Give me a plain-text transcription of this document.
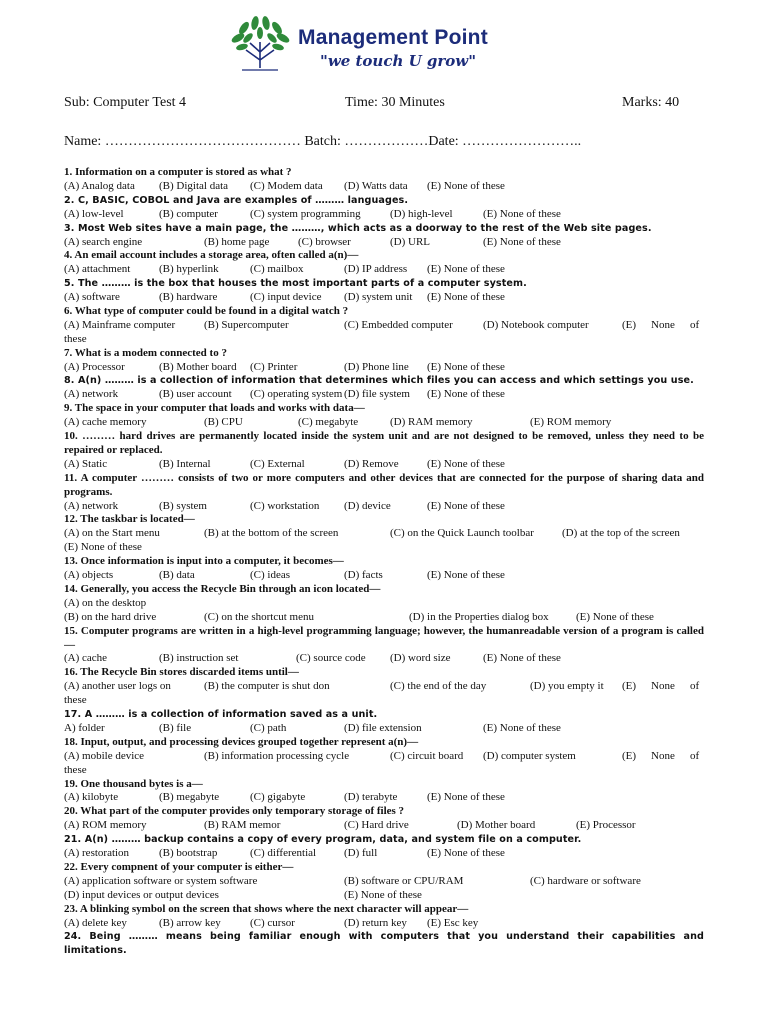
Management Point
"we touch U grow"
Sub: Computer Test 4	Time: 30 Minutes	Marks: 40
Name: …………………………………… Batch: ………………Date: ……………………..
1. Information on a computer is stored as what ?
(A) Analog data (B) Digital data (C) Modem data (D) Watts data (E) None of these
2. C, BASIC, COBOL and Java are examples of ……… languages.
(A) low-level	(B) computer	(C) system programming	(D) high-level	(E) None of these
3. Most Web sites have a main page, the ………, which acts as a doorway to the rest of the Web site pages.
(A) search engine	(B) home page	(C) browser	(D) URL	(E) None of these
4. An email account includes a storage area, often called a(n)—
(A) attachment	(B) hyperlink	(C) mailbox	(D) IP address (E) None of these
5. The ……… is the box that houses the most important parts of a computer system.
(A) software	(B) hardware	(C) input device (D) system unit (E) None of these
6. What type of computer could be found in a digital watch ?
(A) Mainframe computer	(B) Supercomputer	(C) Embedded computer	(D) Notebook computer	(E) None of
these
7. What is a modem connected to ?
(A) Processor	(B) Mother board (C) Printer	(D) Phone line (E) None of these
8. A(n) ……… is a collection of information that determines which files you can access and which settings you use.
(A) network	(B) user account (C) operating system (D) file system (E) None of these
9. The space in your computer that loads and works with data—
(A) cache memory	(B) CPU	(C) megabyte	(D) RAM memory	(E) ROM memory
10. ……… hard drives are permanently located inside the system unit and are not designed to be removed, unless they need to be repaired or replaced.
(A) Static	(B) Internal	(C) External	(D) Remove	(E) None of these
11. A computer ……… consists of two or more computers and other devices that are connected for the purpose of sharing data and programs.
(A) network	(B) system	(C) workstation (D) device	(E) None of these
12. The taskbar is located—
(A) on the Start menu	(B) at the bottom of the screen	(C) on the Quick Launch toolbar	(D) at the top of the screen
(E) None of these
13. Once information is input into a computer, it becomes—
(A) objects	(B) data	(C) ideas	(D) facts	(E) None of these
14. Generally, you access the Recycle Bin through an icon located—
(A) on the desktop
(B) on the hard drive	(C) on the shortcut menu	(D) in the Properties dialog box (E) None of these
15. Computer programs are written in a high-level programming language; however, the humanreadable version of a program is called—
(A) cache	(B) instruction set	(C) source code (D) word size	(E) None of these
16. The Recycle Bin stores discarded items until—
(A) another user logs on	(B) the computer is shut don	(C) the end of the day	(D) you empty it (E) None of
these
17. A ……… is a collection of information saved as a unit.
A) folder	(B) file	(C) path	(D) file extension	(E) None of these
18. Input, output, and processing devices grouped together represent a(n)—
(A) mobile device	(B) information processing cycle	(C) circuit board (D) computer system	(E) None of
these
19. One thousand bytes is a—
(A) kilobyte	(B) megabyte	(C) gigabyte	(D) terabyte	(E) None of these
20. What part of the computer provides only temporary storage of files ?
(A) ROM memory	(B) RAM memor	(C) Hard drive	(D) Mother board	(E) Processor
21. A(n) ……… backup contains a copy of every program, data, and system file on a computer.
(A) restoration	(B) bootstrap	(C) differential	(D) full	(E) None of these
22. Every compnent of your computer is either—
(A) application software or system software	(B) software or CPU/RAM	(C) hardware or software
(D) input devices or output devices	(E) None of these
23. A blinking symbol on the screen that shows where the next character will appear—
(A) delete key	(B) arrow key	(C) cursor	(D) return key (E) Esc key
24. Being ……… means being familiar enough with computers that you understand their capabilities and limitations.
